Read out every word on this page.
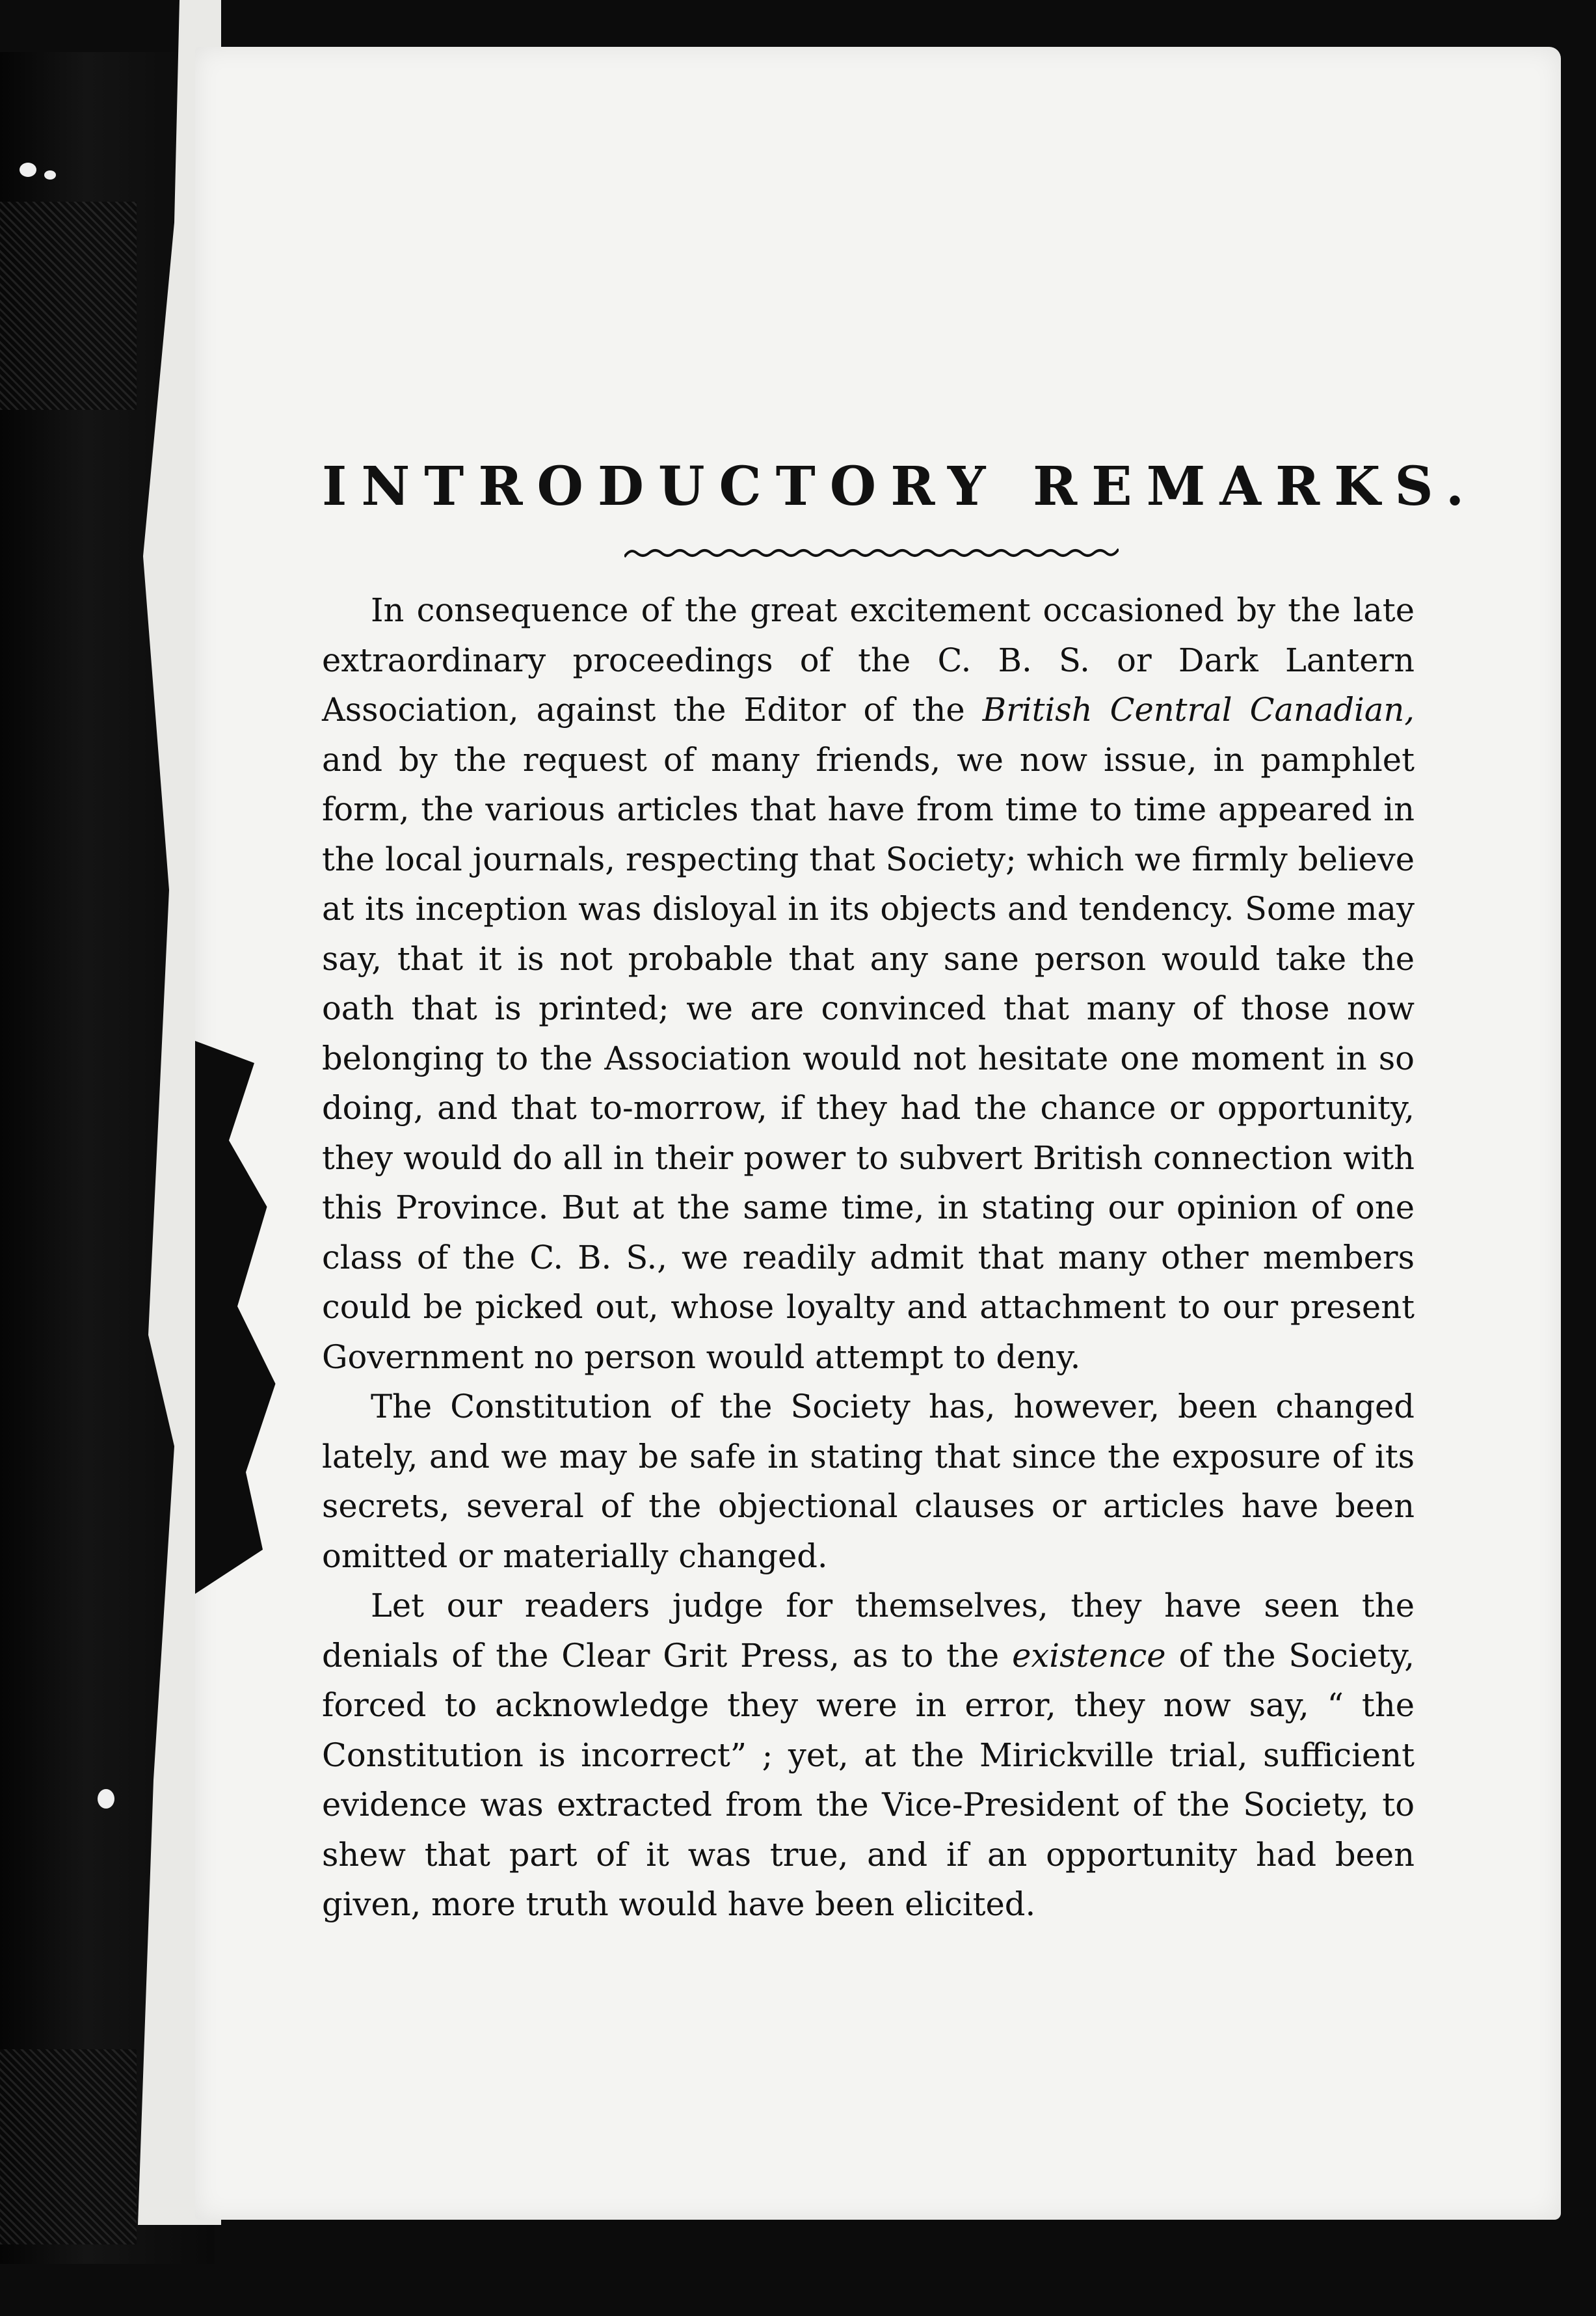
INTRODUCTORY REMARKS.

In consequence of the great excitement occasioned by the late extraordinary proceedings of the C. B. S. or Dark Lantern Association, against the Editor of the British Central Canadian, and by the request of many friends, we now issue, in pamphlet form, the various articles that have from time to time appeared in the local journals, respecting that Society; which we firmly believe at its inception was disloyal in its objects and tendency. Some may say, that it is not probable that any sane person would take the oath that is printed; we are convinced that many of those now belonging to the Association would not hesitate one moment in so doing, and that to-morrow, if they had the chance or opportunity, they would do all in their power to subvert British connection with this Province. But at the same time, in stating our opinion of one class of the C. B. S., we readily admit that many other members could be picked out, whose loyalty and attachment to our present Government no person would attempt to deny.

The Constitution of the Society has, however, been changed lately, and we may be safe in stating that since the exposure of its secrets, several of the objectional clauses or articles have been omitted or materially changed.

Let our readers judge for themselves, they have seen the denials of the Clear Grit Press, as to the existence of the Society, forced to acknowledge they were in error, they now say, “ the Constitution is incorrect” ; yet, at the Mirickville trial, sufficient evidence was extracted from the Vice-President of the Society, to shew that part of it was true, and if an opportunity had been given, more truth would have been elicited.
